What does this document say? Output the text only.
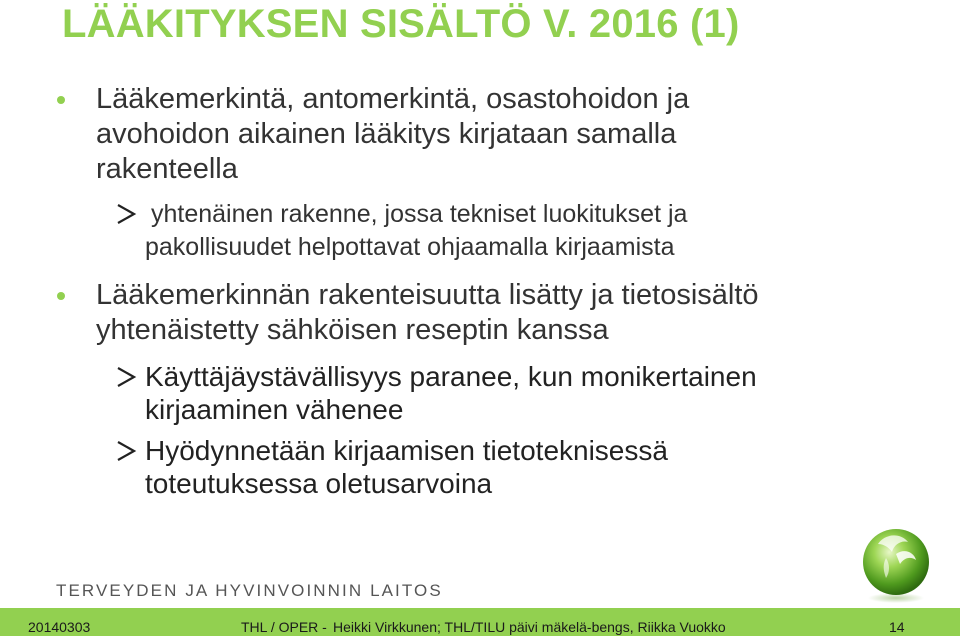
LÄÄKITYKSEN SISÄLTÖ V. 2016 (1)
Lääkemerkintä, antomerkintä, osastohoidon ja
avohoidon aikainen lääkitys kirjataan samalla
rakenteella
yhtenäinen rakenne, jossa tekniset luokitukset ja
pakollisuudet helpottavat ohjaamalla kirjaamista
Lääkemerkinnän rakenteisuutta lisätty ja tietosisältö
yhtenäistetty sähköisen reseptin kanssa
Käyttäjäystävällisyys paranee, kun monikertainen
kirjaaminen vähenee
Hyödynnetään kirjaamisen tietoteknisessä
toteutuksessa oletusarvoina
TERVEYDEN JA HYVINVOINNIN LAITOS
20140303	THL / OPER - Heikki Virkkunen; THL/TILU päivi mäkelä-bengs, Riikka Vuokko	14
